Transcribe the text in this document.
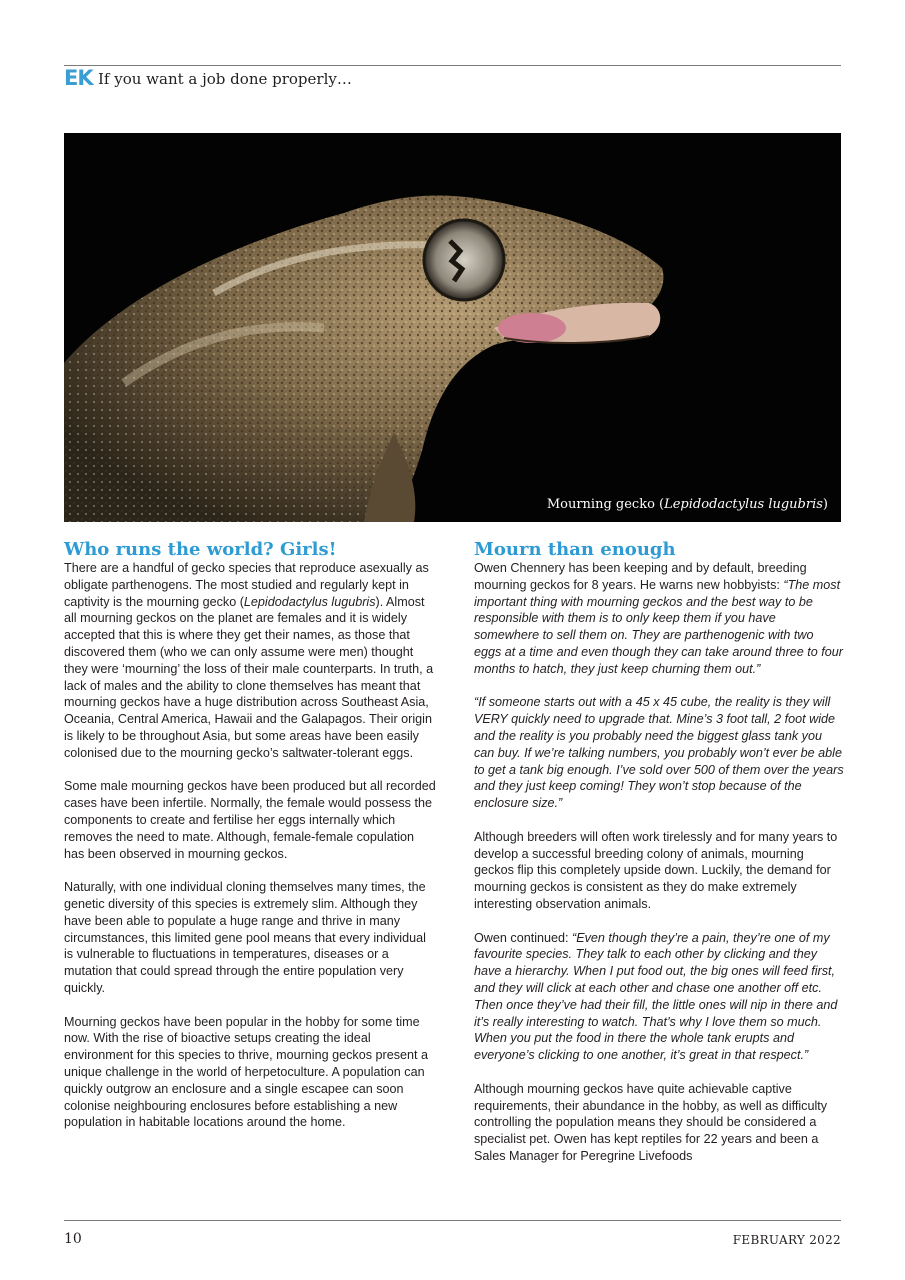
EK If you want a job done properly…
Mourning gecko (Lepidodactylus lugubris)
Who runs the world? Girls!

There are a handful of gecko species that reproduce asexually as obligate parthenogens. The most studied and regularly kept in captivity is the mourning gecko (Lepidodactylus lugubris). Almost all mourning geckos on the planet are females and it is widely accepted that this is where they get their names, as those that discovered them (who we can only assume were men) thought they were ‘mourning’ the loss of their male counterparts. In truth, a lack of males and the ability to clone themselves has meant that mourning geckos have a huge distribution across Southeast Asia, Oceania, Central America, Hawaii and the Galapagos. Their origin is likely to be throughout Asia, but some areas have been easily colonised due to the mourning gecko’s saltwater-tolerant eggs.

Some male mourning geckos have been produced but all recorded cases have been infertile. Normally, the female would possess the components to create and fertilise her eggs internally which removes the need to mate. Although, female-female copulation has been observed in mourning geckos.

Naturally, with one individual cloning themselves many times, the genetic diversity of this species is extremely slim. Although they have been able to populate a huge range and thrive in many circumstances, this limited gene pool means that every individual is vulnerable to fluctuations in temperatures, diseases or a mutation that could spread through the entire population very quickly.

Mourning geckos have been popular in the hobby for some time now. With the rise of bioactive setups creating the ideal environment for this species to thrive, mourning geckos present a unique challenge in the world of herpetoculture. A population can quickly outgrow an enclosure and a single escapee can soon colonise neighbouring enclosures before establishing a new population in habitable locations around the home.

Mourn than enough

Owen Chennery has been keeping and by default, breeding mourning geckos for 8 years. He warns new hobbyists: “The most important thing with mourning geckos and the best way to be responsible with them is to only keep them if you have somewhere to sell them on. They are parthenogenic with two eggs at a time and even though they can take around three to four months to hatch, they just keep churning them out.”

“If someone starts out with a 45 x 45 cube, the reality is they will VERY quickly need to upgrade that. Mine’s 3 foot tall, 2 foot wide and the reality is you probably need the biggest glass tank you can buy. If we’re talking numbers, you probably won’t ever be able to get a tank big enough. I’ve sold over 500 of them over the years and they just keep coming! They won’t stop because of the enclosure size.”

Although breeders will often work tirelessly and for many years to develop a successful breeding colony of animals, mourning geckos flip this completely upside down. Luckily, the demand for mourning geckos is consistent as they do make extremely interesting observation animals.

Owen continued: “Even though they’re a pain, they’re one of my favourite species. They talk to each other by clicking and they have a hierarchy. When I put food out, the big ones will feed first, and they will click at each other and chase one another off etc. Then once they’ve had their fill, the little ones will nip in there and it’s really interesting to watch. That’s why I love them so much. When you put the food in there the whole tank erupts and everyone’s clicking to one another, it’s great in that respect.”

Although mourning geckos have quite achievable captive requirements, their abundance in the hobby, as well as difficulty controlling the population means they should be considered a specialist pet. Owen has kept reptiles for 22 years and been a Sales Manager for Peregrine Livefoods

10	FEBRUARY 2022
